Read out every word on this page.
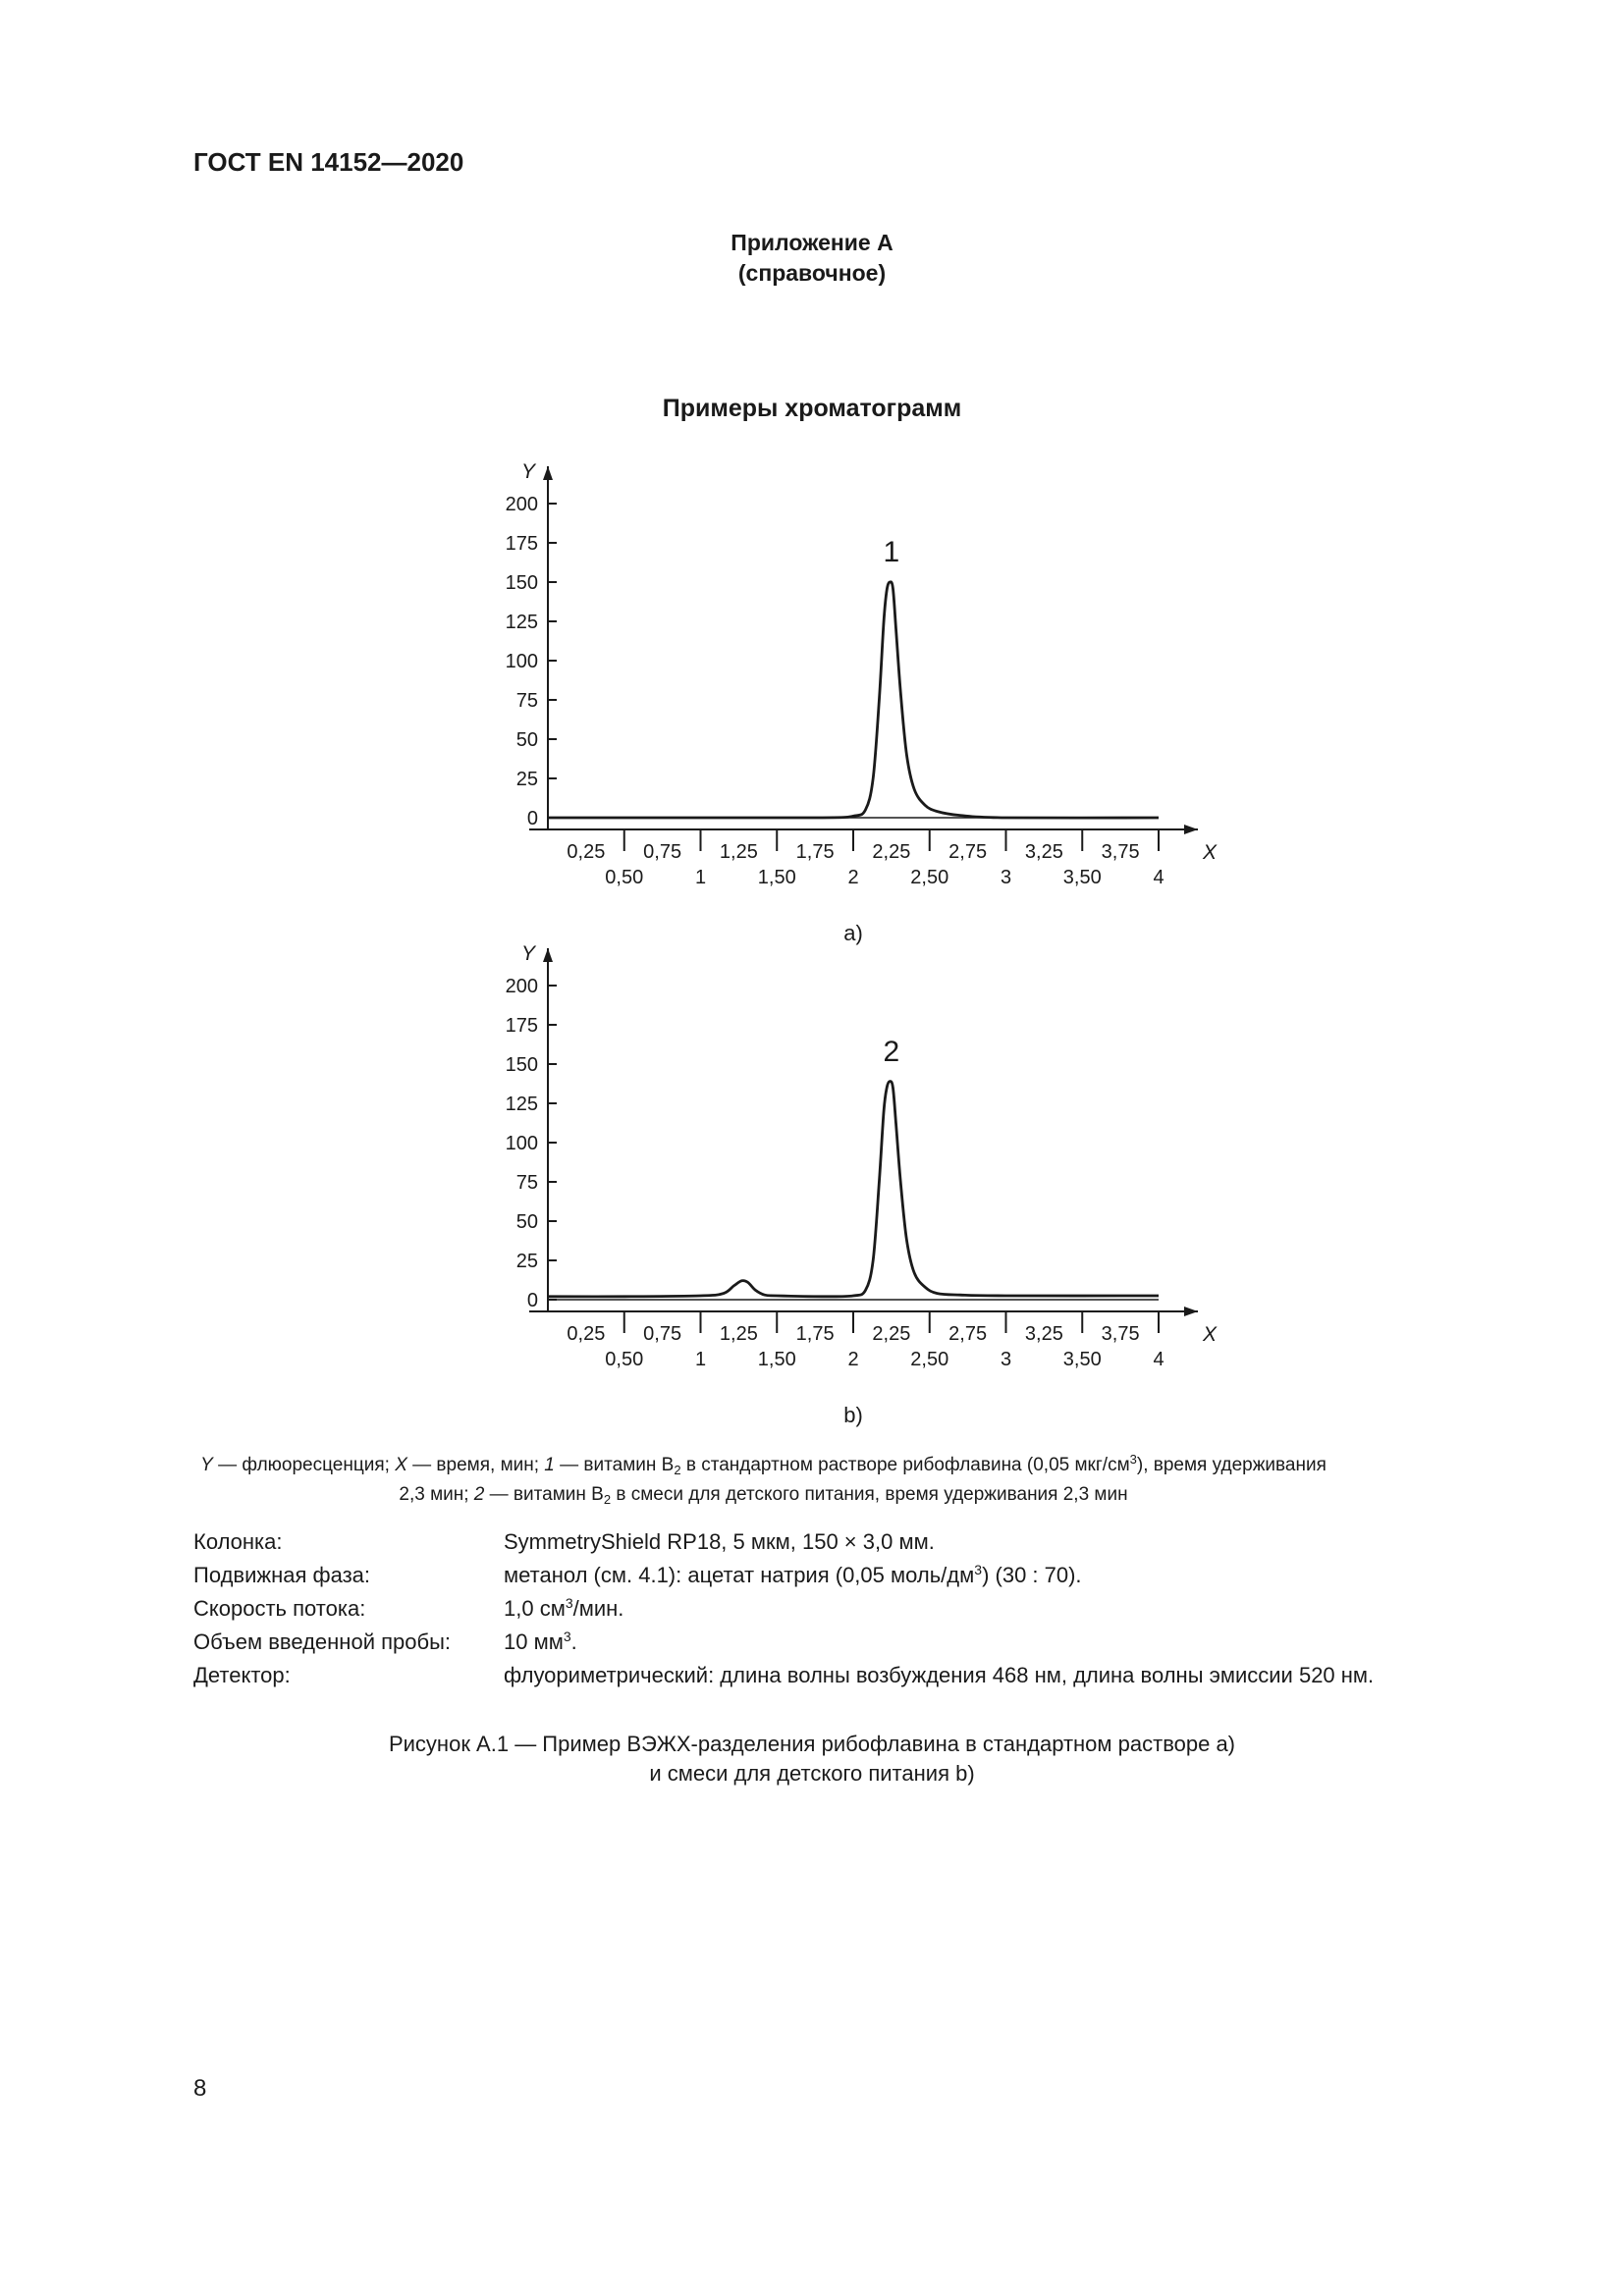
ГОСТ EN 14152—2020
Приложение А
(справочное)
Примеры хроматограмм
Y
0
25
50
75
100
125
150
175
200
X
0,25 0,75 1,25 1,75 2,25 2,75 3,25 3,75
0,50	1	1,50	2	2,50	3	3,50	4
1
a)
Y
0
25
50
75
100
125
150
175
200
X
0,25 0,75 1,25 1,75 2,25 2,75 3,25 3,75
0,50	1	1,50	2	2,50	3	3,50	4
2
b)
Y — флюоресценция; X — время, мин; 1 — витамин $В_2$ в стандартном растворе рибофлавина (0,05 мкг/$см^3$), время удерживания
2,3 мин; 2 — витамин $В_2$ в смеси для детского питания, время удерживания 2,3 мин
Колонка:	SymmetryShield RP18, 5 мкм, 150 × 3,0 мм.
Подвижная фаза:	метанол (см. 4.1): ацетат натрия (0,05 моль/$дм^3$) (30 : 70).
Скорость потока:	1,0 $см^3$/мин.
Объем введенной пробы:	10 $мм^3$.
Детектор:	флуориметрический: длина волны возбуждения 468 нм, длина волны эмиссии 520 нм.
Рисунок А.1 — Пример ВЭЖХ-разделения рибофлавина в стандартном растворе а)
и смеси для детского питания b)
8
